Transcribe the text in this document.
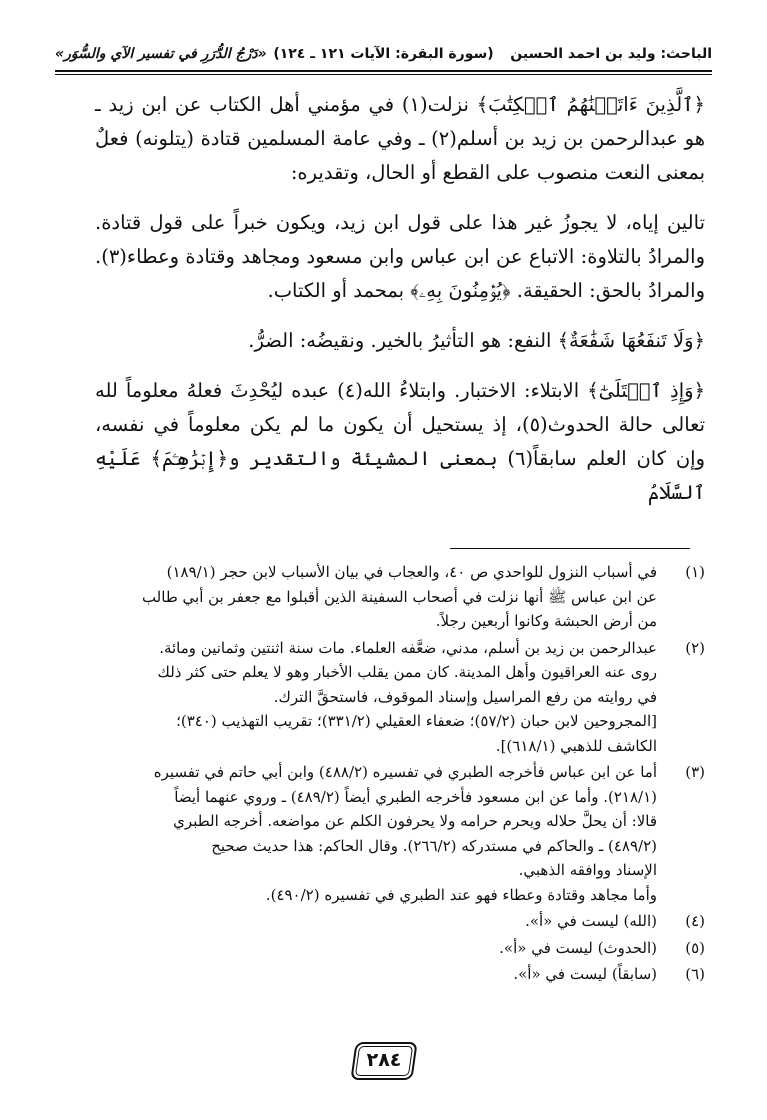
الباحث: وليد بن احمد الحسين
(سورة البقرة: الآيات ١٢١ ـ ١٢٤)
«دَرْجُ الدُّرَرِ في تفسير الآي والسُّوَر»

﴿ٱلَّذِينَ ءَاتَيۡنَٰهُمُ ٱلۡكِتَٰبَ﴾ نزلت(١) في مؤمني أهل الكتاب عن ابن زيد ـ هو عبدالرحمن بن زيد بن أسلم(٢) ـ وفي عامة المسلمين قتادة (يتلونه) فعلٌ بمعنى النعت منصوب على القطع أو الحال، وتقديره:

تالين إياه، لا يجوزُ غير هذا على قول ابن زيد، ويكون خبراً على قول قتادة. والمرادُ بالتلاوة: الاتباع عن ابن عباس وابن مسعود ومجاهد وقتادة وعطاء(٣). والمرادُ بالحق: الحقيقة. ﴿يُؤۡمِنُونَ بِهِۦ﴾ بمحمد أو الكتاب.

﴿وَلَا تَنفَعُهَا شَفَٰعَةٌ﴾ النفع: هو التأثيرُ بالخير. ونقيضُه: الضرُّ.

﴿وَإِذِ ٱبۡتَلَىٰٓ﴾ الابتلاء: الاختبار. وابتلاءُ الله(٤) عبده ليُحْدِثَ فعلهُ معلوماً لله تعالى حالة الحدوث(٥)، إذ يستحيل أن يكون ما لم يكن معلوماً في نفسه، وإن كان العلم سابقاً(٦) بمعنى المشيئة والتقدير و﴿إِبۡرَٰهِـۧمَ﴾ عَلَيْهِ ٱلسَّلَامُ

(١)
في أسباب النزول للواحدي ص ٤٠، والعجاب في بيان الأسباب لابن حجر (١٨٩/١)
عن ابن عباس ﷺ أنها نزلت في أصحاب السفينة الذين أقبلوا مع جعفر بن أبي طالب
من أرض الحبشة وكانوا أربعين رجلاً.
(٢)
عبدالرحمن بن زيد بن أسلم، مدني، ضعَّفه العلماء. مات سنة اثنتين وثمانين ومائة.
روى عنه العراقيون وأهل المدينة. كان ممن يقلب الأخبار وهو لا يعلم حتى كثر ذلك
في روايته من رفع المراسيل وإسناد الموقوف، فاستحقَّ الترك.
[المجروحين لابن حبان (٥٧/٢)؛ ضعفاء العقيلي (٣٣١/٢)؛ تقريب التهذيب (٣٤٠)؛
الكاشف للذهبي (٦١٨/١)].
(٣)
أما عن ابن عباس فأخرجه الطبري في تفسيره (٤٨٨/٢) وابن أبي حاتم في تفسيره
(٢١٨/١). وأما عن ابن مسعود فأخرجه الطبري أيضاً (٤٨٩/٢) ـ وروي عنهما أيضاً
قالا: أن يحلَّ حلاله ويحرم حرامه ولا يحرفون الكلم عن مواضعه. أخرجه الطبري
(٤٨٩/٢) ـ والحاكم في مستدركه (٢٦٦/٢). وقال الحاكم: هذا حديث صحيح
الإسناد ووافقه الذهبي.
وأما مجاهد وقتادة وعطاء فهو عند الطبري في تفسيره (٤٩٠/٢).
(٤)
(الله) ليست في «أ».
(٥)
(الحدوث) ليست في «أ».
(٦)
(سابقاً) ليست في «أ».
٢٨٤
